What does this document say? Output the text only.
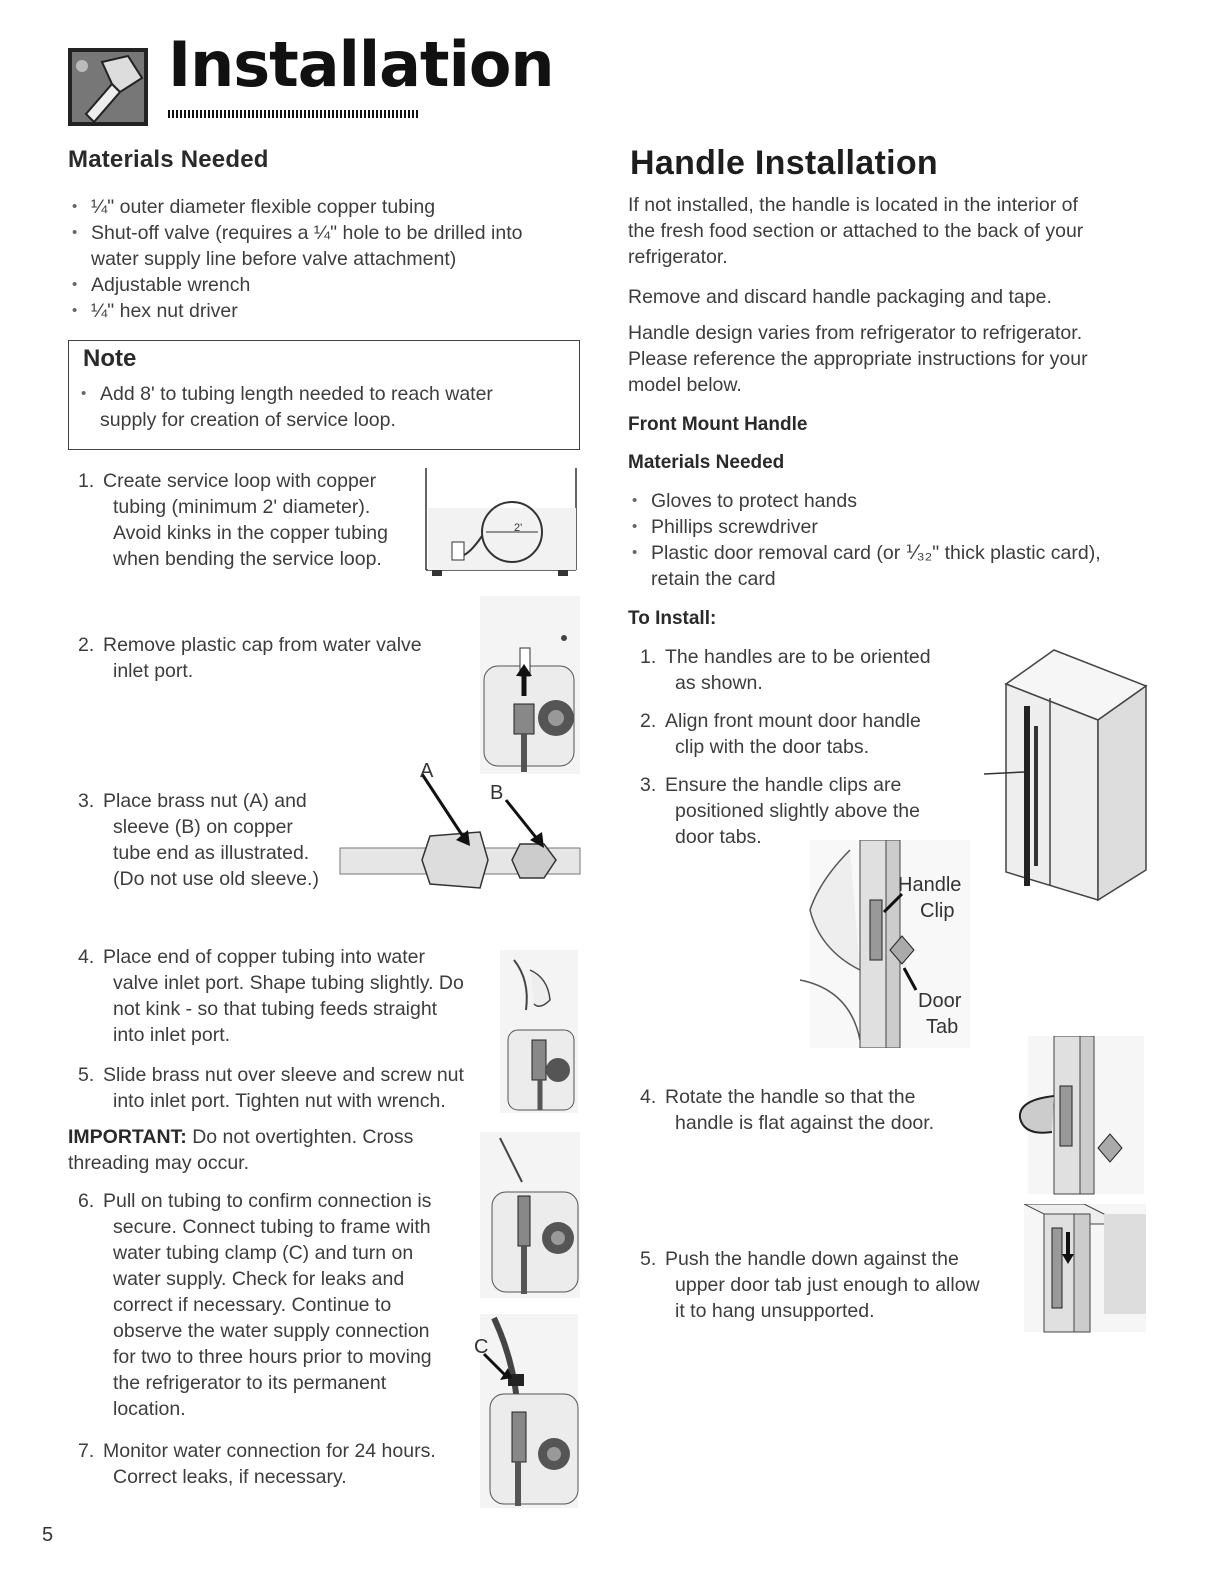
Installation
Materials Needed
• ¼" outer diameter flexible copper tubing
• Shut-off valve (requires a ¼" hole to be drilled into
water supply line before valve attachment)
• Adjustable wrench
• ¼" hex nut driver
Note
• Add 8' to tubing length needed to reach water
supply for creation of service loop.
1. Create service loop with copper
tubing (minimum 2' diameter).
Avoid kinks in the copper tubing
when bending the service loop.
2'
2. Remove plastic cap from water valve
inlet port.
3. Place brass nut (A) and
sleeve (B) on copper
tube end as illustrated.
(Do not use old sleeve.)
A
B
4. Place end of copper tubing into water
valve inlet port. Shape tubing slightly. Do
not kink - so that tubing feeds straight
into inlet port.
5. Slide brass nut over sleeve and screw nut
into inlet port. Tighten nut with wrench.
IMPORTANT: Do not overtighten. Cross
threading may occur.
6. Pull on tubing to confirm connection is
secure. Connect tubing to frame with
water tubing clamp (C) and turn on
water supply. Check for leaks and
correct if necessary. Continue to
observe the water supply connection
for two to three hours prior to moving
the refrigerator to its permanent
location.
C
7. Monitor water connection for 24 hours.
Correct leaks, if necessary.
Handle Installation
If not installed, the handle is located in the interior of
the fresh food section or attached to the back of your
refrigerator.
Remove and discard handle packaging and tape.
Handle design varies from refrigerator to refrigerator.
Please reference the appropriate instructions for your
model below.
Front Mount Handle
Materials Needed
• Gloves to protect hands
• Phillips screwdriver
• Plastic door removal card (or ⅟₃₂" thick plastic card),
retain the card
To Install:
1. The handles are to be oriented
as shown.
2. Align front mount door handle
clip with the door tabs.
3. Ensure the handle clips are
positioned slightly above the
door tabs.
Handle
Clip
Door
Tab
4. Rotate the handle so that the
handle is flat against the door.
5. Push the handle down against the
upper door tab just enough to allow
it to hang unsupported.
5
